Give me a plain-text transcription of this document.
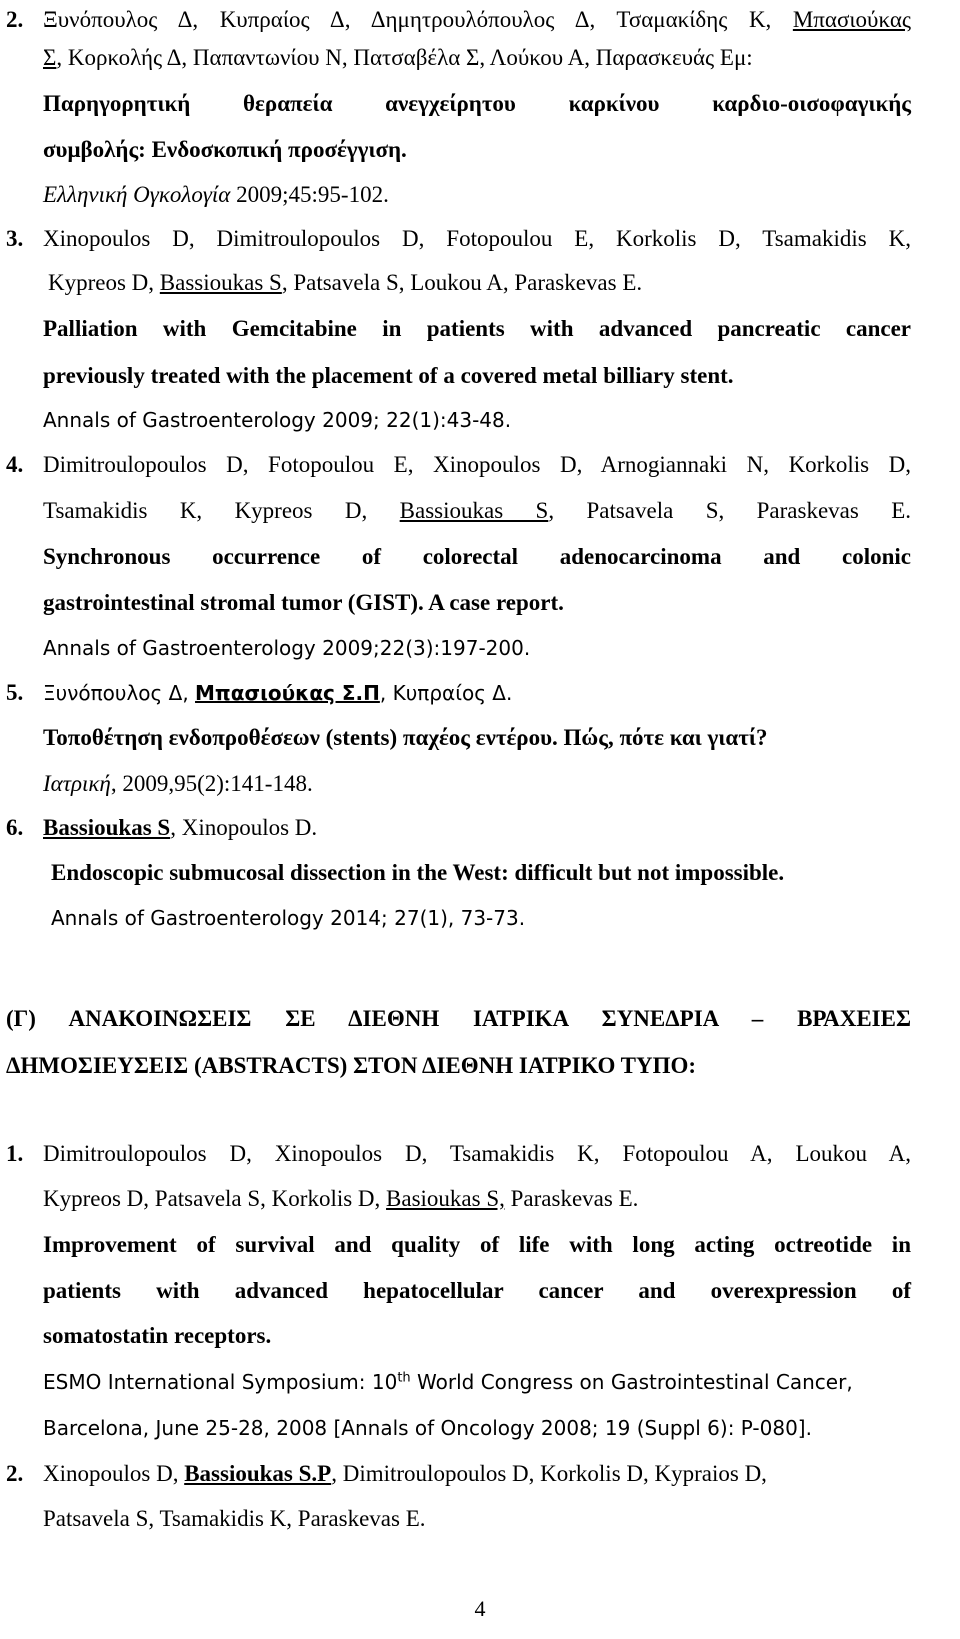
2. Ξυνόπουλος Δ, Κυπραίος Δ, Δημητρουλόπουλος Δ, Τσαμακίδης Κ, Μπασιούκας
Σ, Κορκολής Δ, Παπαντωνίου Ν, Πατσαβέλα Σ, Λούκου Α, Παρασκευάς Εμ:
Παρηγορητική θεραπεία ανεγχείρητου καρκίνου καρδιο-οισοφαγικής
συμβολής: Ενδοσκοπική προσέγγιση.
Ελληνική Ογκολογία 2009;45:95-102.
3. Xinopoulos D, Dimitroulopoulos D, Fotopoulou E, Korkolis D, Tsamakidis K,
Kypreos D, Bassioukas S, Patsavela S, Loukou A, Paraskevas E.
Palliation with Gemcitabine in patients with advanced pancreatic cancer
previously treated with the placement of a covered metal billiary stent.
Annals of Gastroenterology 2009; 22(1):43-48.
4. Dimitroulopoulos D, Fotopoulou E, Xinopoulos D, Arnogiannaki N, Korkolis D,
Tsamakidis K, Kypreos D, Bassioukas S, Patsavela S, Paraskevas E.
Synchronous occurrence of colorectal adenocarcinoma and colonic
gastrointestinal stromal tumor (GIST). A case report.
Annals of Gastroenterology 2009;22(3):197-200.
5. Ξυνόπουλος Δ, Μπασιούκας Σ.Π, Κυπραίος Δ.
Τοποθέτηση ενδοπροθέσεων (stents) παχέος εντέρου. Πώς, πότε και γιατί?
Ιατρική, 2009,95(2):141-148.
6. Bassioukas S, Xinopoulos D.
Endoscopic submucosal dissection in the West: difficult but not impossible.
Annals of Gastroenterology 2014; 27(1), 73-73.
(Γ) ΑΝΑΚΟΙΝΩΣΕΙΣ ΣΕ ΔΙΕΘΝΗ ΙΑΤΡΙΚΑ ΣΥΝΕΔΡΙΑ – ΒΡΑΧΕΙΕΣ
ΔΗΜΟΣΙΕΥΣΕΙΣ (ABSTRACTS) ΣΤΟΝ ΔΙΕΘΝΗ ΙΑΤΡΙΚΟ ΤΥΠΟ:
1. Dimitroulopoulos D, Xinopoulos D, Tsamakidis K, Fotopoulou A, Loukou A,
Kypreos D, Patsavela S, Korkolis D, Basioukas S, Paraskevas E.
Improvement of survival and quality of life with long acting octreotide in
patients with advanced hepatocellular cancer and overexpression of
somatostatin receptors.
ESMO International Symposium: 10th World Congress on Gastrointestinal Cancer,
Barcelona, June 25-28, 2008 [Annals of Oncology 2008; 19 (Suppl 6): P-080].
2. Xinopoulos D, Bassioukas S.P, Dimitroulopoulos D, Korkolis D, Kypraios D,
Patsavela S, Tsamakidis K, Paraskevas E.
4
